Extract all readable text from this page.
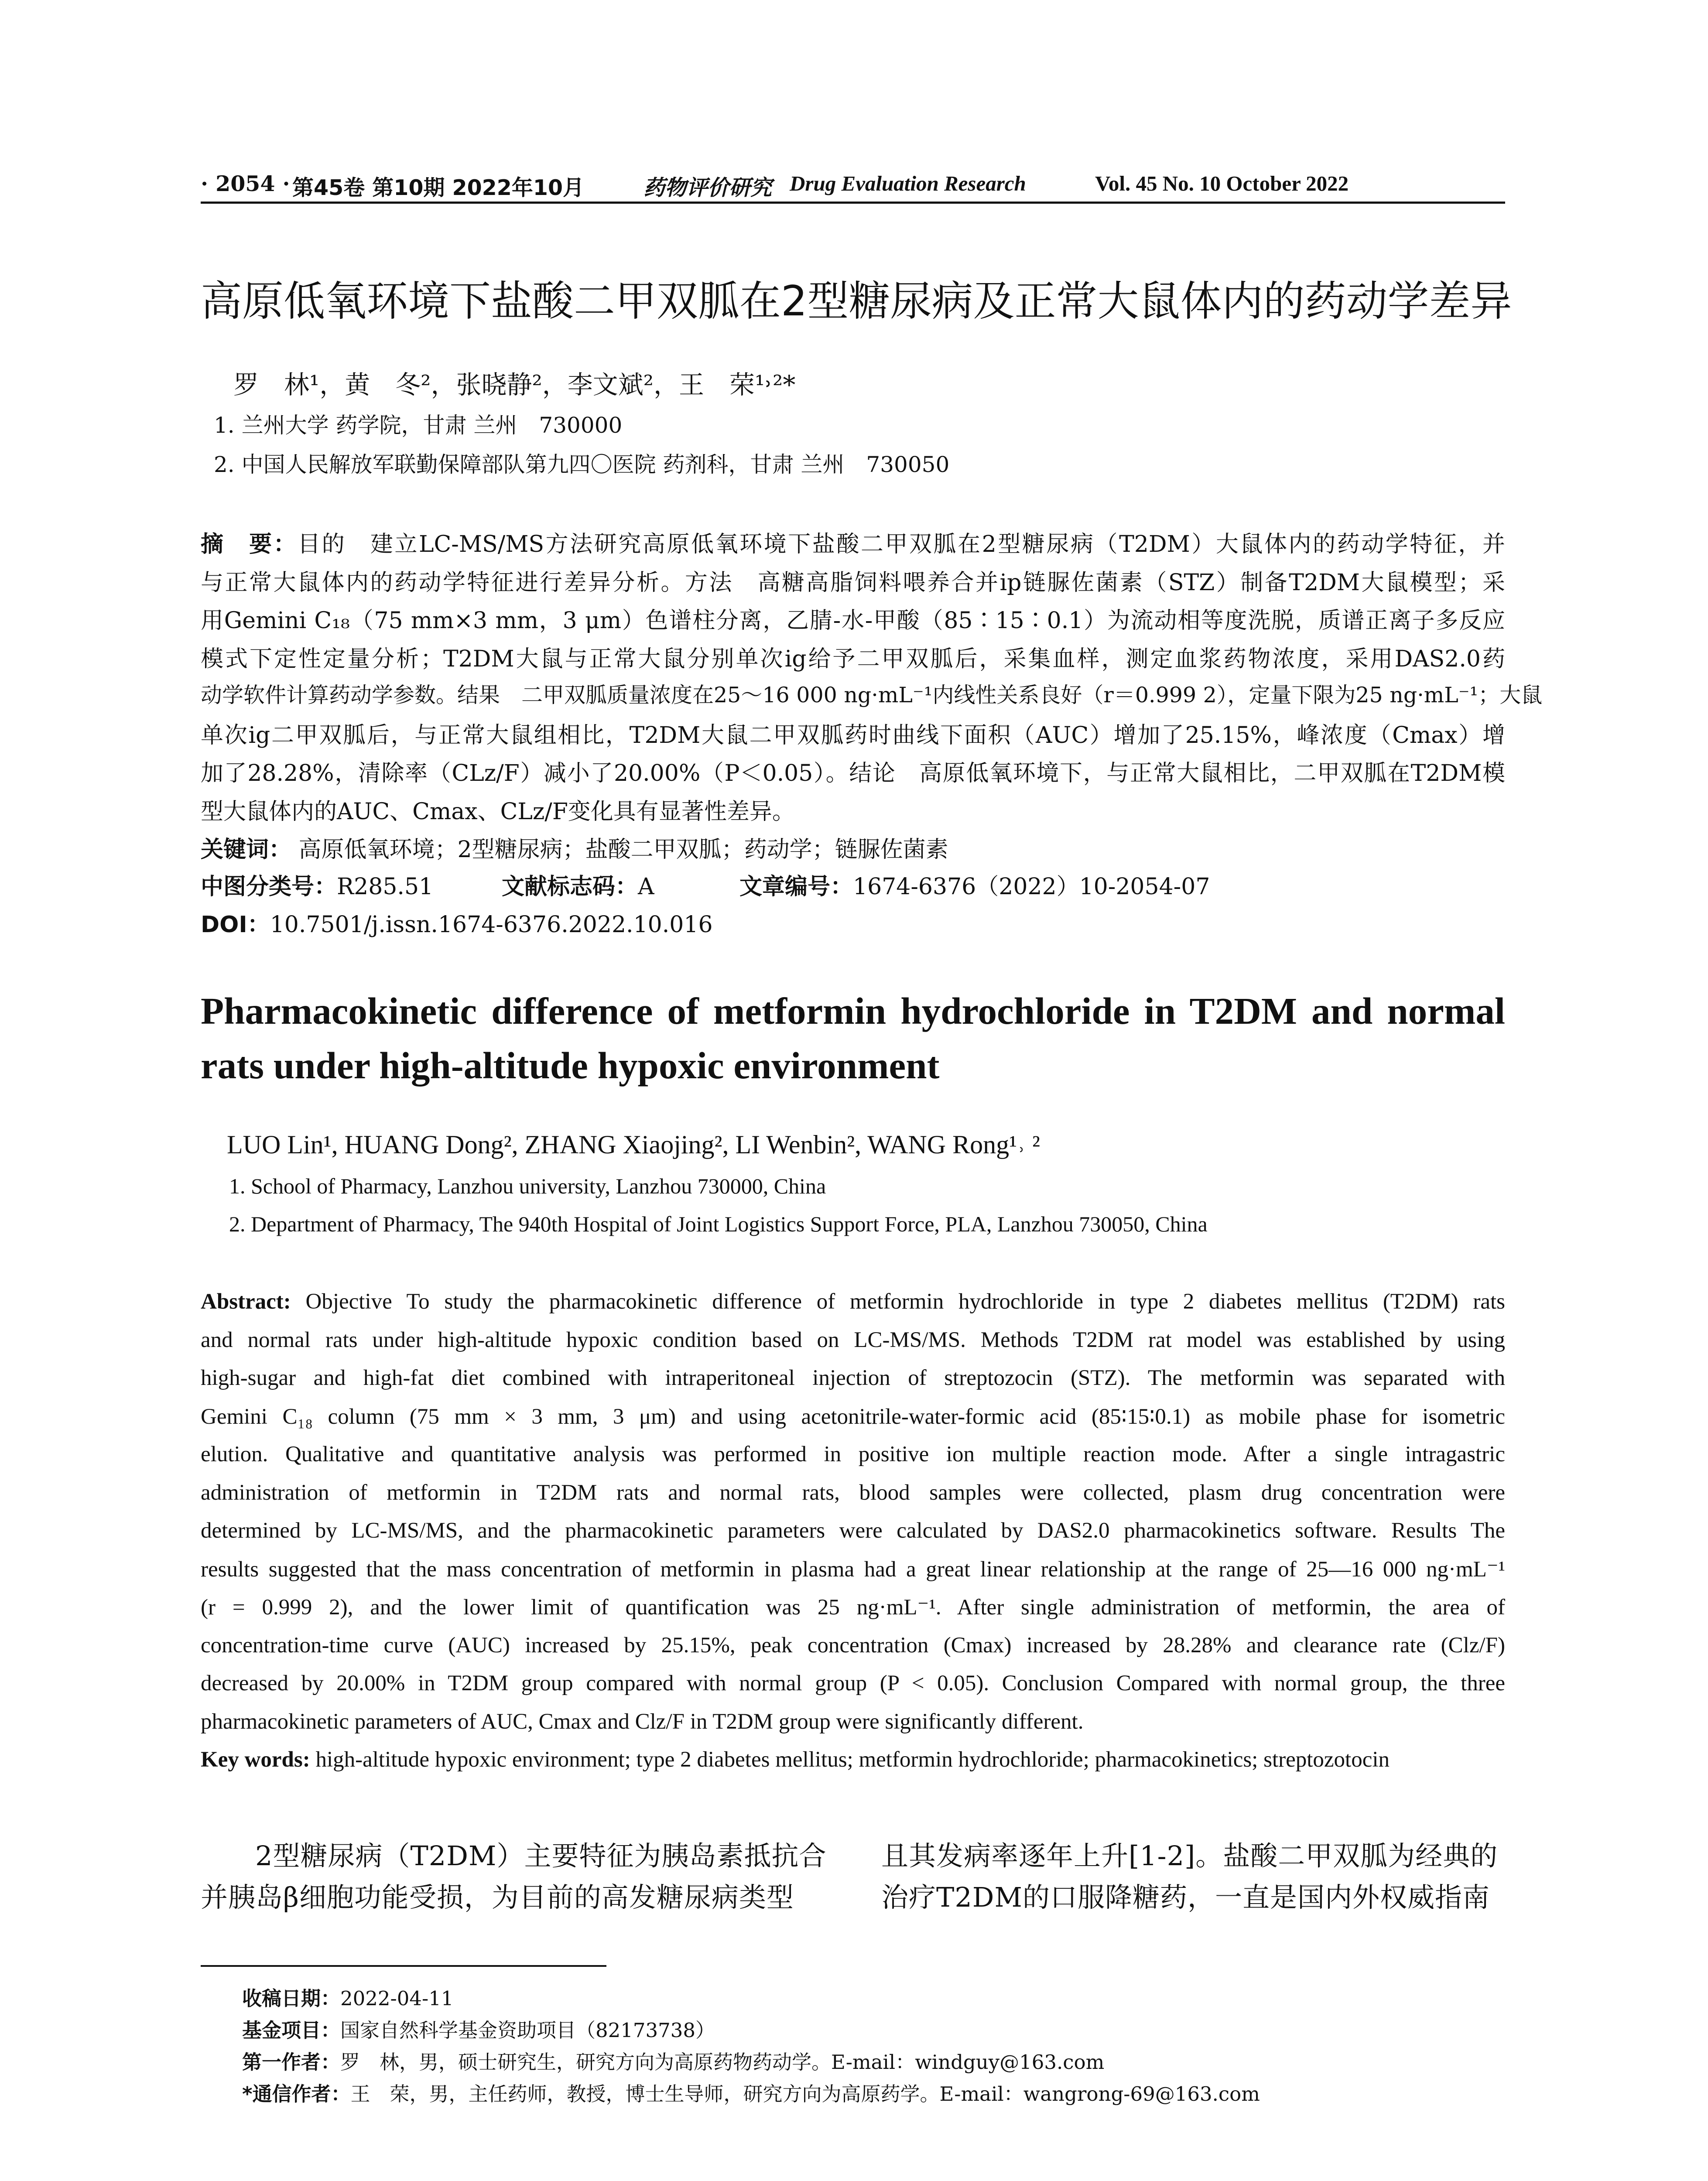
· 2054 · 第45卷 第10期 2022年10月	药物评价研究 Drug Evaluation Research	Vol. 45 No. 10 October 2022
高原低氧环境下盐酸二甲双胍在2型糖尿病及正常大鼠体内的药动学差异
罗　林¹，黄　冬²，张晓静²，李文斌²，王　荣¹˒²*
1. 兰州大学 药学院，甘肃 兰州　730000
2. 中国人民解放军联勤保障部队第九四〇医院 药剂科，甘肃 兰州　730050
摘　要：目的　建立LC-MS/MS方法研究高原低氧环境下盐酸二甲双胍在2型糖尿病（T2DM）大鼠体内的药动学特征，并
与正常大鼠体内的药动学特征进行差异分析。方法　高糖高脂饲料喂养合并ip链脲佐菌素（STZ）制备T2DM大鼠模型；采
用Gemini C₁₈（75 mm×3 mm，3 μm）色谱柱分离，乙腈-水-甲酸（85∶15∶0.1）为流动相等度洗脱，质谱正离子多反应
模式下定性定量分析；T2DM大鼠与正常大鼠分别单次ig给予二甲双胍后，采集血样，测定血浆药物浓度，采用DAS2.0药
动学软件计算药动学参数。结果　二甲双胍质量浓度在25～16 000 ng·mL⁻¹内线性关系良好（r＝0.999 2），定量下限为25 ng·mL⁻¹；大鼠
单次ig二甲双胍后，与正常大鼠组相比，T2DM大鼠二甲双胍药时曲线下面积（AUC）增加了25.15%，峰浓度（Cmax）增
加了28.28%，清除率（CLz/F）减小了20.00%（P＜0.05）。结论　高原低氧环境下，与正常大鼠相比，二甲双胍在T2DM模
型大鼠体内的AUC、Cmax、CLz/F变化具有显著性差异。
关键词： 高原低氧环境；2型糖尿病；盐酸二甲双胍；药动学；链脲佐菌素
中图分类号：R285.51	文献标志码：A	文章编号：1674-6376（2022）10-2054-07
DOI：10.7501/j.issn.1674-6376.2022.10.016
Pharmacokinetic difference of metformin hydrochloride in T2DM and normal
rats under high-altitude hypoxic environment
LUO Lin¹, HUANG Dong², ZHANG Xiaojing², LI Wenbin², WANG Rong¹˒ ²
1. School of Pharmacy, Lanzhou university, Lanzhou 730000, China
2. Department of Pharmacy, The 940th Hospital of Joint Logistics Support Force, PLA, Lanzhou 730050, China
Abstract: Objective To study the pharmacokinetic difference of metformin hydrochloride in type 2 diabetes mellitus (T2DM) rats
and normal rats under high-altitude hypoxic condition based on LC-MS/MS. Methods T2DM rat model was established by using
high-sugar and high-fat diet combined with intraperitoneal injection of streptozocin (STZ). The metformin was separated with
Gemini C₁₈ column (75 mm × 3 mm, 3 μm) and using acetonitrile-water-formic acid (85∶15∶0.1) as mobile phase for isometric
elution. Qualitative and quantitative analysis was performed in positive ion multiple reaction mode. After a single intragastric
administration of metformin in T2DM rats and normal rats, blood samples were collected, plasm drug concentration were
determined by LC-MS/MS, and the pharmacokinetic parameters were calculated by DAS2.0 pharmacokinetics software. Results The
results suggested that the mass concentration of metformin in plasma had a great linear relationship at the range of 25—16 000 ng·mL⁻¹
(r = 0.999 2), and the lower limit of quantification was 25 ng·mL⁻¹. After single administration of metformin, the area of
concentration-time curve (AUC) increased by 25.15%, peak concentration (Cmax) increased by 28.28% and clearance rate (Clz/F)
decreased by 20.00% in T2DM group compared with normal group (P < 0.05). Conclusion Compared with normal group, the three
pharmacokinetic parameters of AUC, Cmax and Clz/F in T2DM group were significantly different.
Key words: high-altitude hypoxic environment; type 2 diabetes mellitus; metformin hydrochloride; pharmacokinetics; streptozotocin
2型糖尿病（T2DM）主要特征为胰岛素抵抗合
并胰岛β细胞功能受损，为目前的高发糖尿病类型
且其发病率逐年上升[1-2]。盐酸二甲双胍为经典的
治疗T2DM的口服降糖药，一直是国内外权威指南
收稿日期：2022-04-11
基金项目：国家自然科学基金资助项目（82173738）
第一作者：罗　林，男，硕士研究生，研究方向为高原药物药动学。E-mail：windguy@163.com
*通信作者：王　荣，男，主任药师，教授，博士生导师，研究方向为高原药学。E-mail：wangrong-69@163.com
